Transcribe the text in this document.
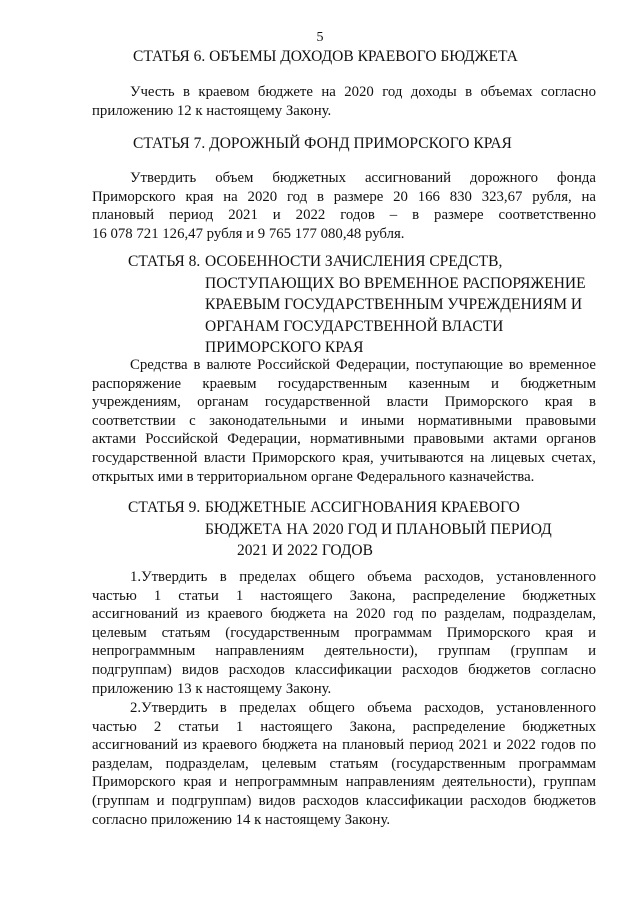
5
СТАТЬЯ 6. ОБЪЕМЫ ДОХОДОВ КРАЕВОГО БЮДЖЕТА
Учесть в краевом бюджете на 2020 год доходы в объемах согласно
приложению 12 к настоящему Закону.
СТАТЬЯ 7. ДОРОЖНЫЙ ФОНД ПРИМОРСКОГО КРАЯ
Утвердить объем бюджетных ассигнований дорожного фонда
Приморского края на 2020 год в размере 20 166 830 323,67 рубля, на
плановый период 2021 и 2022 годов – в размере соответственно
16 078 721 126,47 рубля и 9 765 177 080,48 рубля.
СТАТЬЯ 8. ОСОБЕННОСТИ ЗАЧИСЛЕНИЯ СРЕДСТВ,
ПОСТУПАЮЩИХ ВО ВРЕМЕННОЕ РАСПОРЯЖЕНИЕ
КРАЕВЫМ ГОСУДАРСТВЕННЫМ УЧРЕЖДЕНИЯМ И
ОРГАНАМ ГОСУДАРСТВЕННОЙ ВЛАСТИ
ПРИМОРСКОГО КРАЯ
Средства в валюте Российской Федерации, поступающие во временное
распоряжение краевым государственным казенным и бюджетным
учреждениям, органам государственной власти Приморского края в
соответствии с законодательными и иными нормативными правовыми
актами Российской Федерации, нормативными правовыми актами органов
государственной власти Приморского края, учитываются на лицевых счетах,
открытых ими в территориальном органе Федерального казначейства.
СТАТЬЯ 9. БЮДЖЕТНЫЕ АССИГНОВАНИЯ КРАЕВОГО
БЮДЖЕТА НА 2020 ГОД И ПЛАНОВЫЙ ПЕРИОД
2021 И 2022 ГОДОВ
1.Утвердить в пределах общего объема расходов, установленного
частью 1 статьи 1 настоящего Закона, распределение бюджетных
ассигнований из краевого бюджета на 2020 год по разделам, подразделам,
целевым статьям (государственным программам Приморского края и
непрограммным направлениям деятельности), группам (группам и
подгруппам) видов расходов классификации расходов бюджетов согласно
приложению 13 к настоящему Закону.
2.Утвердить в пределах общего объема расходов, установленного
частью 2 статьи 1 настоящего Закона, распределение бюджетных
ассигнований из краевого бюджета на плановый период 2021 и 2022 годов по
разделам, подразделам, целевым статьям (государственным программам
Приморского края и непрограммным направлениям деятельности), группам
(группам и подгруппам) видов расходов классификации расходов бюджетов
согласно приложению 14 к настоящему Закону.
